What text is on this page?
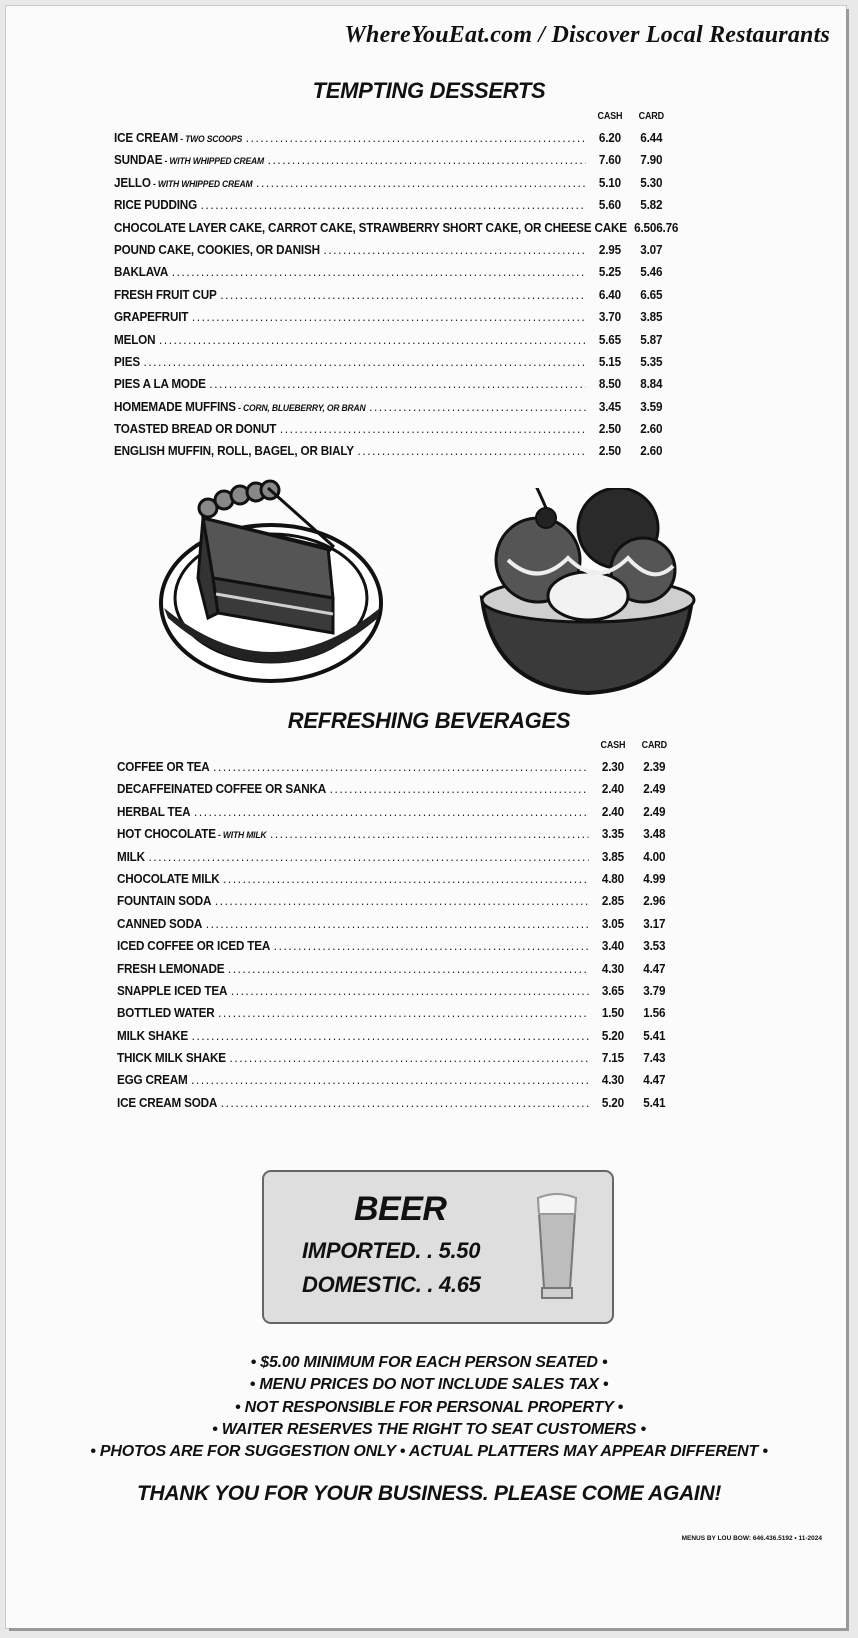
WhereYouEat.com / Discover Local Restaurants
TEMPTING DESSERTS
CASH	CARD
ICE CREAM - TWO SCOOPS .....	6.20	6.44
SUNDAE - WITH WHIPPED CREAM .....	7.60	7.90
JELLO - WITH WHIPPED CREAM .....	5.10	5.30
RICE PUDDING .....	5.60	5.82
CHOCOLATE LAYER CAKE, CARROT CAKE, STRAWBERRY SHORT CAKE, OR CHEESE CAKE 6.50 6.76
POUND CAKE, COOKIES, OR DANISH .....	2.95	3.07
BAKLAVA .....	5.25	5.46
FRESH FRUIT CUP .....	6.40	6.65
GRAPEFRUIT .....	3.70	3.85
MELON .....	5.65	5.87
PIES .....	5.15	5.35
PIES A LA MODE .....	8.50	8.84
HOMEMADE MUFFINS - CORN, BLUEBERRY, OR BRAN .....	3.45	3.59
TOASTED BREAD OR DONUT .....	2.50	2.60
ENGLISH MUFFIN, ROLL, BAGEL, OR BIALY .....	2.50	2.60
REFRESHING BEVERAGES
CASH	CARD
COFFEE OR TEA .....	2.30	2.39
DECAFFEINATED COFFEE OR SANKA .....	2.40	2.49
HERBAL TEA .....	2.40	2.49
HOT CHOCOLATE - WITH MILK .....	3.35	3.48
MILK .....	3.85	4.00
CHOCOLATE MILK .....	4.80	4.99
FOUNTAIN SODA .....	2.85	2.96
CANNED SODA .....	3.05	3.17
ICED COFFEE OR ICED TEA .....	3.40	3.53
FRESH LEMONADE .....	4.30	4.47
SNAPPLE ICED TEA .....	3.65	3.79
BOTTLED WATER .....	1.50	1.56
MILK SHAKE .....	5.20	5.41
THICK MILK SHAKE .....	7.15	7.43
EGG CREAM .....	4.30	4.47
ICE CREAM SODA .....	5.20	5.41
BEER
IMPORTED. . 5.50
DOMESTIC. . 4.65
• $5.00 MINIMUM FOR EACH PERSON SEATED •
• MENU PRICES DO NOT INCLUDE SALES TAX •
• NOT RESPONSIBLE FOR PERSONAL PROPERTY •
• WAITER RESERVES THE RIGHT TO SEAT CUSTOMERS •
• PHOTOS ARE FOR SUGGESTION ONLY • ACTUAL PLATTERS MAY APPEAR DIFFERENT •
THANK YOU FOR YOUR BUSINESS. PLEASE COME AGAIN!
MENUS BY LOU BOW: 646.436.5192 • 11-2024
